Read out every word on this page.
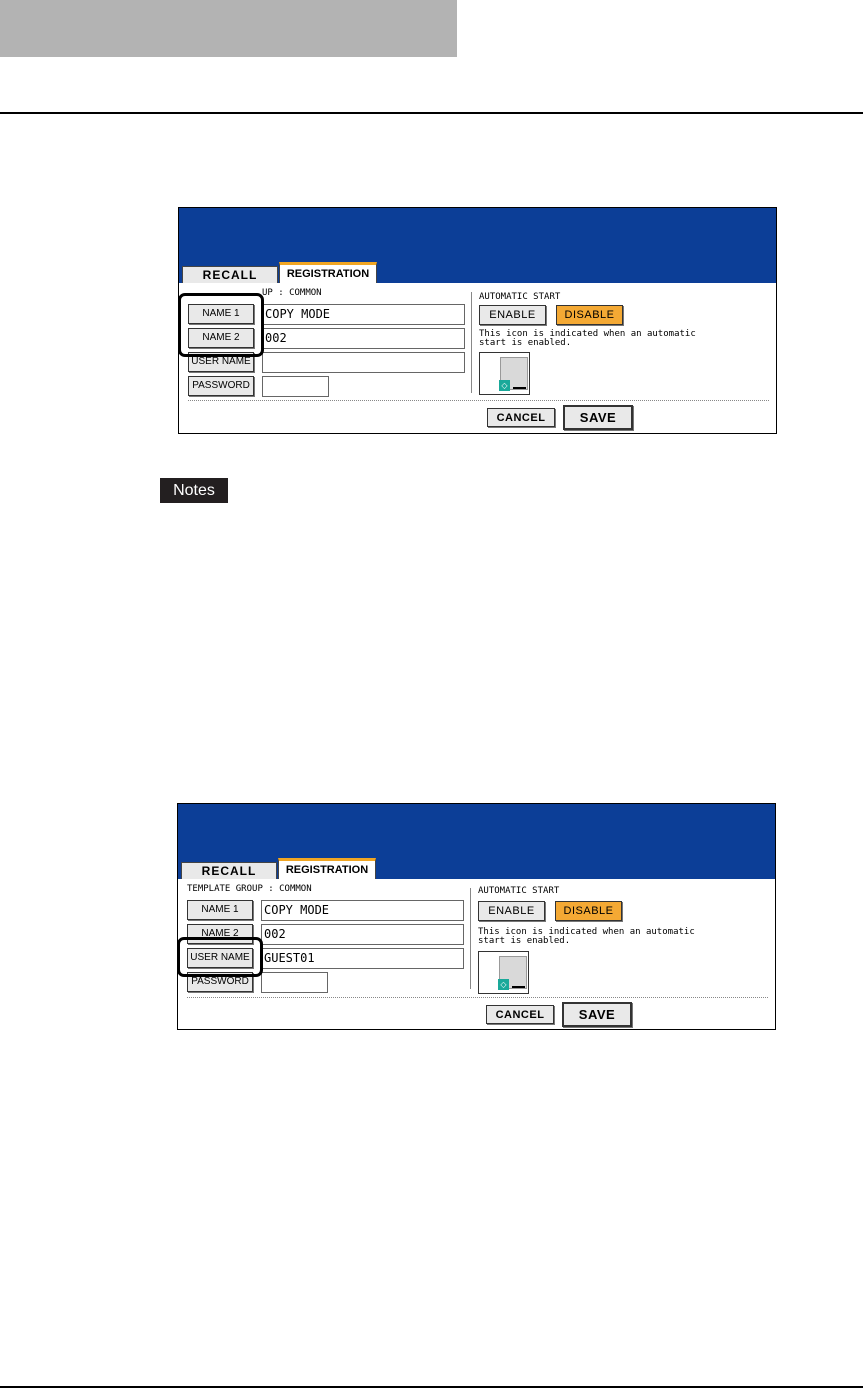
RECALL	REGISTRATION
UP : COMMON
NAME 1	COPY MODE
NAME 2	002
USER NAME
PASSWORD
AUTOMATIC START
ENABLE	DISABLE
This icon is indicated when an automatic
start is enabled.
◇
CANCEL	SAVE
Notes
RECALL	REGISTRATION
TEMPLATE GROUP : COMMON
NAME 1	COPY MODE
NAME 2	002
USER NAME GUEST01
PASSWORD
AUTOMATIC START
ENABLE	DISABLE
This icon is indicated when an automatic
start is enabled.
◇
CANCEL	SAVE
